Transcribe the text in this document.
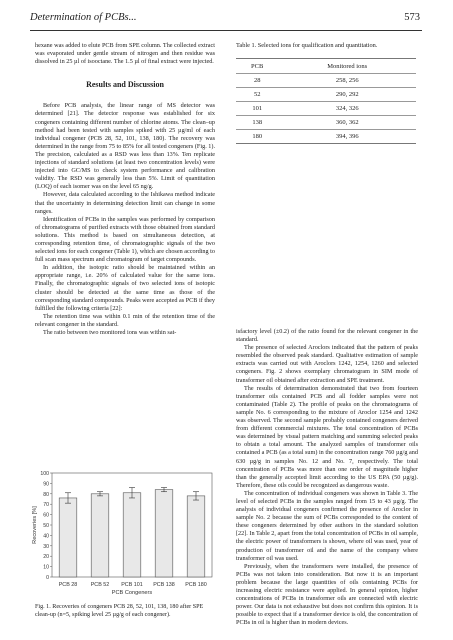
Determination of PCBs...	573

hexane was added to elute PCB from SPE column. The collected extract was evaporated under gentle stream of nitrogen and then residue was dissolved in 25 µl of isooctane. The 1.5 µl of final extract were injected.

Results and Discussion

Before PCB analysis, the linear range of MS detector was determined [21]. The detector response was established for six congeners containing different number of chlorine atoms. The clean–up method had been tested with samples spiked with 25 µg/ml of each individual congener (PCB 28, 52, 101, 138, 180). The recovery was determined in the range from 75 to 85% for all tested congeners (Fig. 1). The precision, calculated as a RSD was less than 13%. Ten replicate injections of standard solutions (at least two concentration levels) were injected into GC/MS to check system performance and calibration validity. The RSD was generally less than 5%. Limit of quantitation (LOQ) of each isomer was on the level 65 ng/g.

However, data calculated according to the Ishikawa method indicate that the uncertainty in determining detection limit can change in some ranges.

Identification of PCBs in the samples was performed by comparison of chromatograms of purified extracts with those obtained from standard solutions. This method is based on simultaneous detection, at corresponding retention time, of chromatographic signals of the two selected ions for each congener (Table 1), which are chosen according to full scan mass spectrum and chromatogram of target compounds.

In addition, the isotopic ratio should be maintained within an appropriate range, i.e. 20% of calculated value for the same ions. Finally, the chromatographic signals of two selected ions of isotopic cluster should be detected at the same time as those of the corresponding standard compounds. Peaks were accepted as PCB if they fulfilled the following criteria [22]:

The retention time was within 0.1 min of the retention time of the relevant congener in the standard.

The ratio between two monitored ions was within sat-

Table 1. Selected ions for qualification and quantitation.
PCB	Monitored ions
28	258, 256
52	290, 292
101	324, 326
138	360, 362
180	394, 396

isfactory level (±0.2) of the ratio found for the relevant congener in the standard.

The presence of selected Aroclors indicated that the pattern of peaks resembled the observed peak standard. Qualitative estimation of sample extracts was carried out with Aroclors 1242, 1254, 1260 and selected congeners. Fig. 2 shows exemplary chromatogram in SIM mode of transformer oil obtained after extraction and SPE treatment.

The results of determination demonstrated that two from fourteen transformer oils contained PCB and all fodder samples were not contaminated (Table 2). The profile of peaks on the chromatograms of sample No. 6 corresponding to the mixture of Aroclor 1254 and 1242 was observed. The second sample probably contained congeners derived from different commercial mixtures. The total concentration of PCBs was determined by visual pattern matching and summing selected peaks to obtain a total amount. The analyzed samples of transformer oils contained a PCB (as a total sum) in the concentration range 760 µg/g and 630 µg/g in samples No. 12 and No. 7, respectively. The total concentration of PCBs was more than one order of magnitude higher than the generally accepted limit according to the US EPA (50 µg/g). Therefore, these oils could be recognized as dangerous waste.

The concentration of individual congeners was shown in Table 3. The level of selected PCBs in the samples ranged from 15 to 43 µg/g. The analysis of individual congeners confirmed the presence of Aroclor in sample No. 2 because the sum of PCBs corresponded to the content of these congeners determined by other authors in the standard solution [22]. In Table 2, apart from the total concentration of PCBs in oil sample, the electric power of transformers is shown, where oil was used, year of production of transformer oil and the name of the company where transformer oil was used.

Previously, when the transformers were installed, the presence of PCBs was not taken into consideration. But now it is an important problem because the large quantities of oils containing PCBs for increasing electric resistance were applied. In general opinion, higher concentrations of PCBs in transformer oils are connected with electric power. Our data is not exhaustive but does not confirm this opinion. It is possible to expect that if a transformer device is old, the concentration of PCBs in oil is higher than in modern devices.

0
10
20
30
40
50
60
70
80
90
100
PCB 28 PCB 52 PCB 101 PCB 138 PCB 180
PCB Congeners
Recoveries [%]
Fig. 1. Recoveries of congeners PCB 28, 52, 101, 138, 180 after SPE clean-up (n=5, spiking level 25 µg/g of each congener).
